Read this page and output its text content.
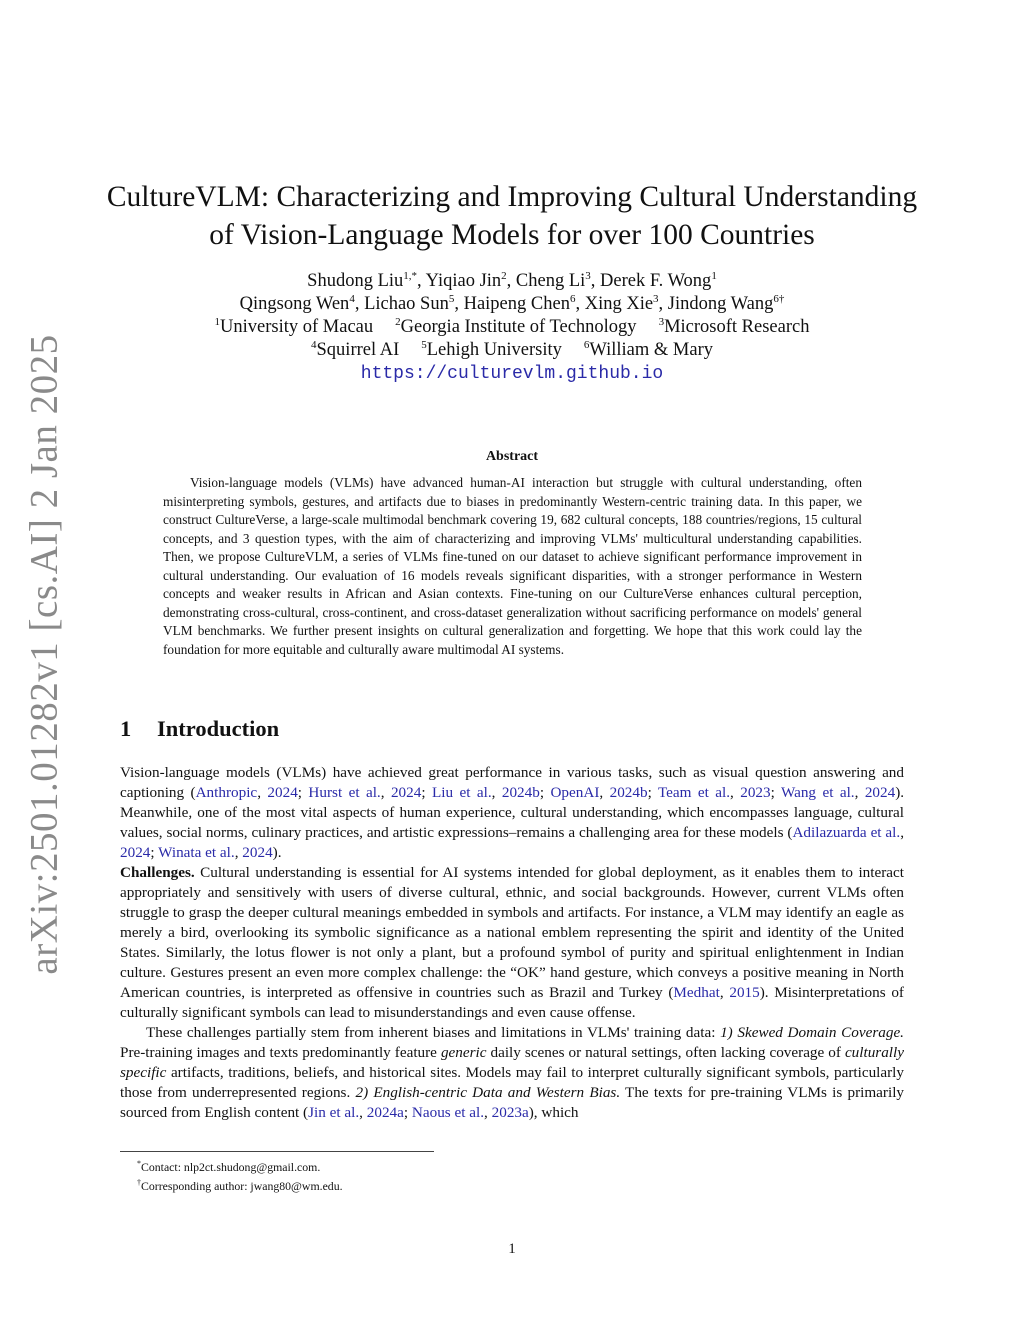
arXiv:2501.01282v1 [cs.AI] 2 Jan 2025
CultureVLM: Characterizing and Improving Cultural Understanding
of Vision-Language Models for over 100 Countries
Shudong Liu$^{1,*}$, Yiqiao Jin$^2$, Cheng Li$^3$, Derek F. Wong$^1$
Qingsong Wen$^4$, Lichao Sun$^5$, Haipeng Chen$^6$, Xing Xie$^3$, Jindong Wang$^{6\dagger}$
$^1$University of Macau $^2$Georgia Institute of Technology $^3$Microsoft Research
$^4$Squirrel AI $^5$Lehigh University $^6$William & Mary
https://culturevlm.github.io
Abstract
Vision-language models (VLMs) have advanced human-AI interaction but struggle with cultural understanding, often misinterpreting symbols, gestures, and artifacts due to biases in predominantly Western-centric training data. In this paper, we construct CultureVerse, a large-scale multimodal benchmark covering 19, 682 cultural concepts, 188 countries/regions, 15 cultural concepts, and 3 question types, with the aim of characterizing and improving VLMs' multicultural understanding capabilities. Then, we propose CultureVLM, a series of VLMs fine-tuned on our dataset to achieve significant performance improvement in cultural understanding. Our evaluation of 16 models reveals significant disparities, with a stronger performance in Western concepts and weaker results in African and Asian contexts. Fine-tuning on our CultureVerse enhances cultural perception, demonstrating cross-cultural, cross-continent, and cross-dataset generalization without sacrificing performance on models' general VLM benchmarks. We further present insights on cultural generalization and forgetting. We hope that this work could lay the foundation for more equitable and culturally aware multimodal AI systems.
1 Introduction

Vision-language models (VLMs) have achieved great performance in various tasks, such as visual question answering and captioning (Anthropic, 2024; Hurst et al., 2024; Liu et al., 2024b; OpenAI, 2024b; Team et al., 2023; Wang et al., 2024). Meanwhile, one of the most vital aspects of human experience, cultural understanding, which encompasses language, cultural values, social norms, culinary practices, and artistic expressions–remains a challenging area for these models (Adilazuarda et al., 2024; Winata et al., 2024).

Challenges. Cultural understanding is essential for AI systems intended for global deployment, as it enables them to interact appropriately and sensitively with users of diverse cultural, ethnic, and social backgrounds. However, current VLMs often struggle to grasp the deeper cultural meanings embedded in symbols and artifacts. For instance, a VLM may identify an eagle as merely a bird, overlooking its symbolic significance as a national emblem representing the spirit and identity of the United States. Similarly, the lotus flower is not only a plant, but a profound symbol of purity and spiritual enlightenment in Indian culture. Gestures present an even more complex challenge: the “OK” hand gesture, which conveys a positive meaning in North American countries, is interpreted as offensive in countries such as Brazil and Turkey (Medhat, 2015). Misinterpretations of culturally significant symbols can lead to misunderstandings and even cause offense.

These challenges partially stem from inherent biases and limitations in VLMs' training data: 1) Skewed Domain Coverage. Pre-training images and texts predominantly feature generic daily scenes or natural settings, often lacking coverage of culturally specific artifacts, traditions, beliefs, and historical sites. Models may fail to interpret culturally significant symbols, particularly those from underrepresented regions. 2) English-centric Data and Western Bias. The texts for pre-training VLMs is primarily sourced from English content (Jin et al., 2024a; Naous et al., 2023a), which

*Contact: nlp2ct.shudong@gmail.com.
†Corresponding author: jwang80@wm.edu.
1
